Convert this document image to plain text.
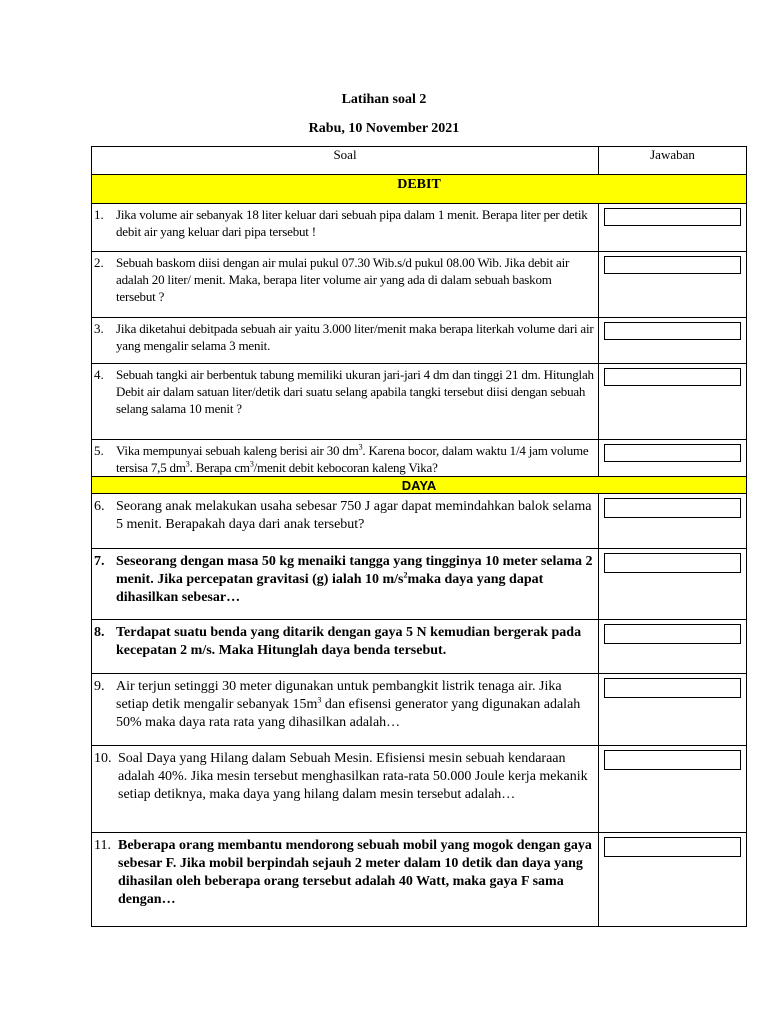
Latihan soal 2
Rabu, 10 November 2021
Soal	Jawaban
DEBIT	

1. Jika volume air sebanyak 18 liter keluar dari sebuah pipa dalam 1 menit. Berapa liter per detik debit air yang keluar dari pipa tersebut !	

2. Sebuah baskom diisi dengan air mulai pukul 07.30 Wib.s/d pukul 08.00 Wib. Jika debit air adalah 20 liter/ menit. Maka, berapa liter volume air yang ada di dalam sebuah baskom tersebut ?	

3. Jika diketahui debitpada sebuah air yaitu 3.000 liter/menit maka berapa literkah volume dari air yang mengalir selama 3 menit.	

4. Sebuah tangki air berbentuk tabung memiliki ukuran jari-jari 4 dm dan tinggi 21 dm. Hitunglah Debit air dalam satuan liter/detik dari suatu selang apabila tangki tersebut diisi dengan sebuah selang salama 10 menit ?	

5. Vika mempunyai sebuah kaleng berisi air 30 $dm^3$. Karena bocor, dalam waktu 1/4 jam volume tersisa 7,5 $dm^3$. Berapa $cm^3$/menit debit kebocoran kaleng Vika?	

DAYA	

6. Seorang anak melakukan usaha sebesar 750 J agar dapat memindahkan balok selama 5 menit. Berapakah daya dari anak tersebut?	

7. Seseorang dengan masa 50 kg menaiki tangga yang tingginya 10 meter selama 2 menit. Jika percepatan gravitasi (g) ialah 10 $m/s^2maka$ daya yang dapat dihasilkan sebesar…	

8. Terdapat suatu benda yang ditarik dengan gaya 5 N kemudian bergerak pada kecepatan 2 m/s. Maka Hitunglah daya benda tersebut.	

9. Air terjun setinggi 30 meter digunakan untuk pembangkit listrik tenaga air. Jika setiap detik mengalir sebanyak $15m^3$ dan efisensi generator yang digunakan adalah 50% maka daya rata rata yang dihasilkan adalah…	

10. Soal Daya yang Hilang dalam Sebuah Mesin. Efisiensi mesin sebuah kendaraan adalah 40%. Jika mesin tersebut menghasilkan rata-rata 50.000 Joule kerja mekanik setiap detiknya, maka daya yang hilang dalam mesin tersebut adalah…	

11. Beberapa orang membantu mendorong sebuah mobil yang mogok dengan gaya sebesar F. Jika mobil berpindah sejauh 2 meter dalam 10 detik dan daya yang dihasilan oleh beberapa orang tersebut adalah 40 Watt, maka gaya F sama dengan…	
